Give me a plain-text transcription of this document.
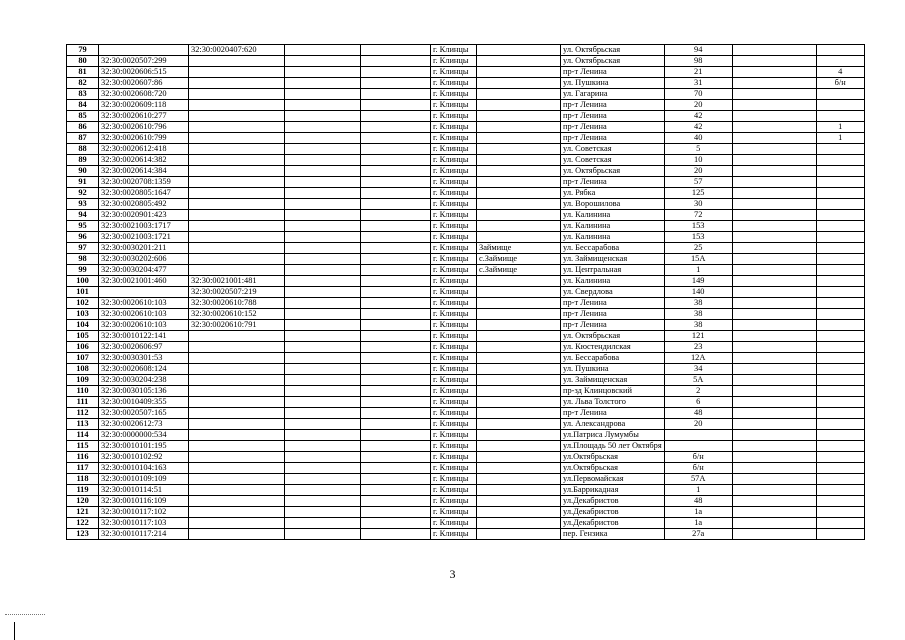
79		32:30:0020407:620			г. Клинцы		ул. Октябрьская	94		
80	32:30:0020507:299				г. Клинцы		ул. Октябрьская	98		
81	32:30:0020606:515				г. Клинцы		пр-т Ленина	21		4
82	32:30:0020607:86				г. Клинцы		ул. Пушкина	31		б/н
83	32:30:0020608:720				г. Клинцы		ул. Гагарина	70		
84	32:30:0020609:118				г. Клинцы		пр-т Ленина	20		
85	32:30:0020610:277				г. Клинцы		пр-т Ленина	42		
86	32:30:0020610:796				г. Клинцы		пр-т Ленина	42		1
87	32:30:0020610:799				г. Клинцы		пр-т Ленина	40		1
88	32:30:0020612:418				г. Клинцы		ул. Советская	5		
89	32:30:0020614:382				г. Клинцы		ул. Советская	10		
90	32:30:0020614:384				г. Клинцы		ул. Октябрьская	20		
91	32:30:0020708:1359				г. Клинцы		пр-т Ленина	57		
92	32:30:0020805:1647				г. Клинцы		ул. Рябка	125		
93	32:30:0020805:492				г. Клинцы		ул. Ворошилова	30		
94	32:30:0020901:423				г. Клинцы		ул. Калинина	72		
95	32:30:0021003:1717				г. Клинцы		ул. Калинина	153		
96	32:30:0021003:1721				г. Клинцы		ул. Калинина	153		
97	32:30:0030201:211				г. Клинцы	Займище	ул. Бессарабова	25		
98	32:30:0030202:606				г. Клинцы	с.Займище	ул. Займищенская	15А		
99	32:30:0030204:477				г. Клинцы	с.Займище	ул. Центральная	1		
100	32:30:0021001:460	32:30:0021001:481			г. Клинцы		ул. Калинина	149		
101		32:30:0020507:219			г. Клинцы		ул. Свердлова	140		
102	32:30:0020610:103	32:30:0020610:788			г. Клинцы		пр-т Ленина	38		
103	32:30:0020610:103	32:30:0020610:152			г. Клинцы		пр-т Ленина	38		
104	32:30:0020610:103	32:30:0020610:791			г. Клинцы		пр-т Ленина	38		
105	32:30:0010122:141				г. Клинцы		ул. Октябрьская	121		
106	32:30:0020606:97				г. Клинцы		ул. Кюстендилская	23		
107	32:30:0030301:53				г. Клинцы		ул. Бессарабова	12А		
108	32:30:0020608:124				г. Клинцы		ул. Пушкина	34		
109	32:30:0030204:238				г. Клинцы		ул. Займищенская	5А		
110	32:30:0030105:136				г. Клинцы		пр-зд Клинцовский	2		
111	32:30:0010409:355				г. Клинцы		ул. Льва Толстого	6		
112	32:30:0020507:165				г. Клинцы		пр-т Ленина	48		
113	32:30:0020612:73				г. Клинцы		ул. Александрова	20		
114	32:30:0000000:534				г. Клинцы		ул.Патриса Лумумбы			
115	32:30:0010101:195				г. Клинцы		ул.Площадь 50 лет Октября			
116	32:30:0010102:92				г. Клинцы		ул.Октябрьская	б/н		
117	32:30:0010104:163				г. Клинцы		ул.Октябрьская	б/н		
118	32:30:0010109:109				г. Клинцы		ул.Первомайская	57А		
119	32:30:0010114:51				г. Клинцы		ул.Баррикадная	1		
120	32:30:0010116:109				г. Клинцы		ул.Декабристов	48		
121	32:30:0010117:102				г. Клинцы		ул.Декабристов	1а		
122	32:30:0010117:103				г. Клинцы		ул.Декабристов	1а		
123	32:30:0010117:214				г. Клинцы		пер. Гензика	27а		
3
